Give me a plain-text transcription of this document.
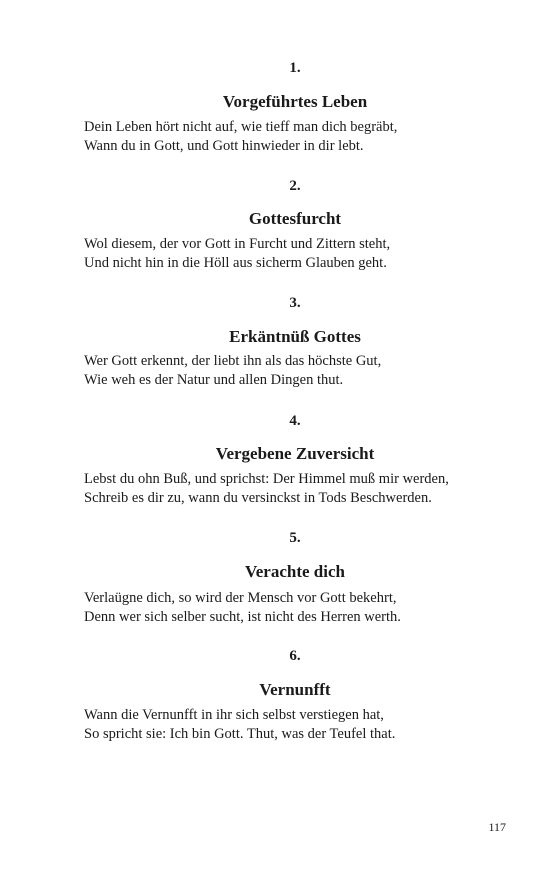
1.
Vorgeführtes Leben
Dein Leben hört nicht auf, wie tieff man dich begräbt,
Wann du in Gott, und Gott hinwieder in dir lebt.
2.
Gottesfurcht
Wol diesem, der vor Gott in Furcht und Zittern steht,
Und nicht hin in die Höll aus sicherm Glauben geht.
3.
Erkäntnüß Gottes
Wer Gott erkennt, der liebt ihn als das höchste Gut,
Wie weh es der Natur und allen Dingen thut.
4.
Vergebene Zuversicht
Lebst du ohn Buß, und sprichst: Der Himmel muß mir werden,
Schreib es dir zu, wann du versinckst in Tods Beschwerden.
5.
Verachte dich
Verlaügne dich, so wird der Mensch vor Gott bekehrt,
Denn wer sich selber sucht, ist nicht des Herren werth.
6.
Vernunfft
Wann die Vernunfft in ihr sich selbst verstiegen hat,
So spricht sie: Ich bin Gott. Thut, was der Teufel that.
117
